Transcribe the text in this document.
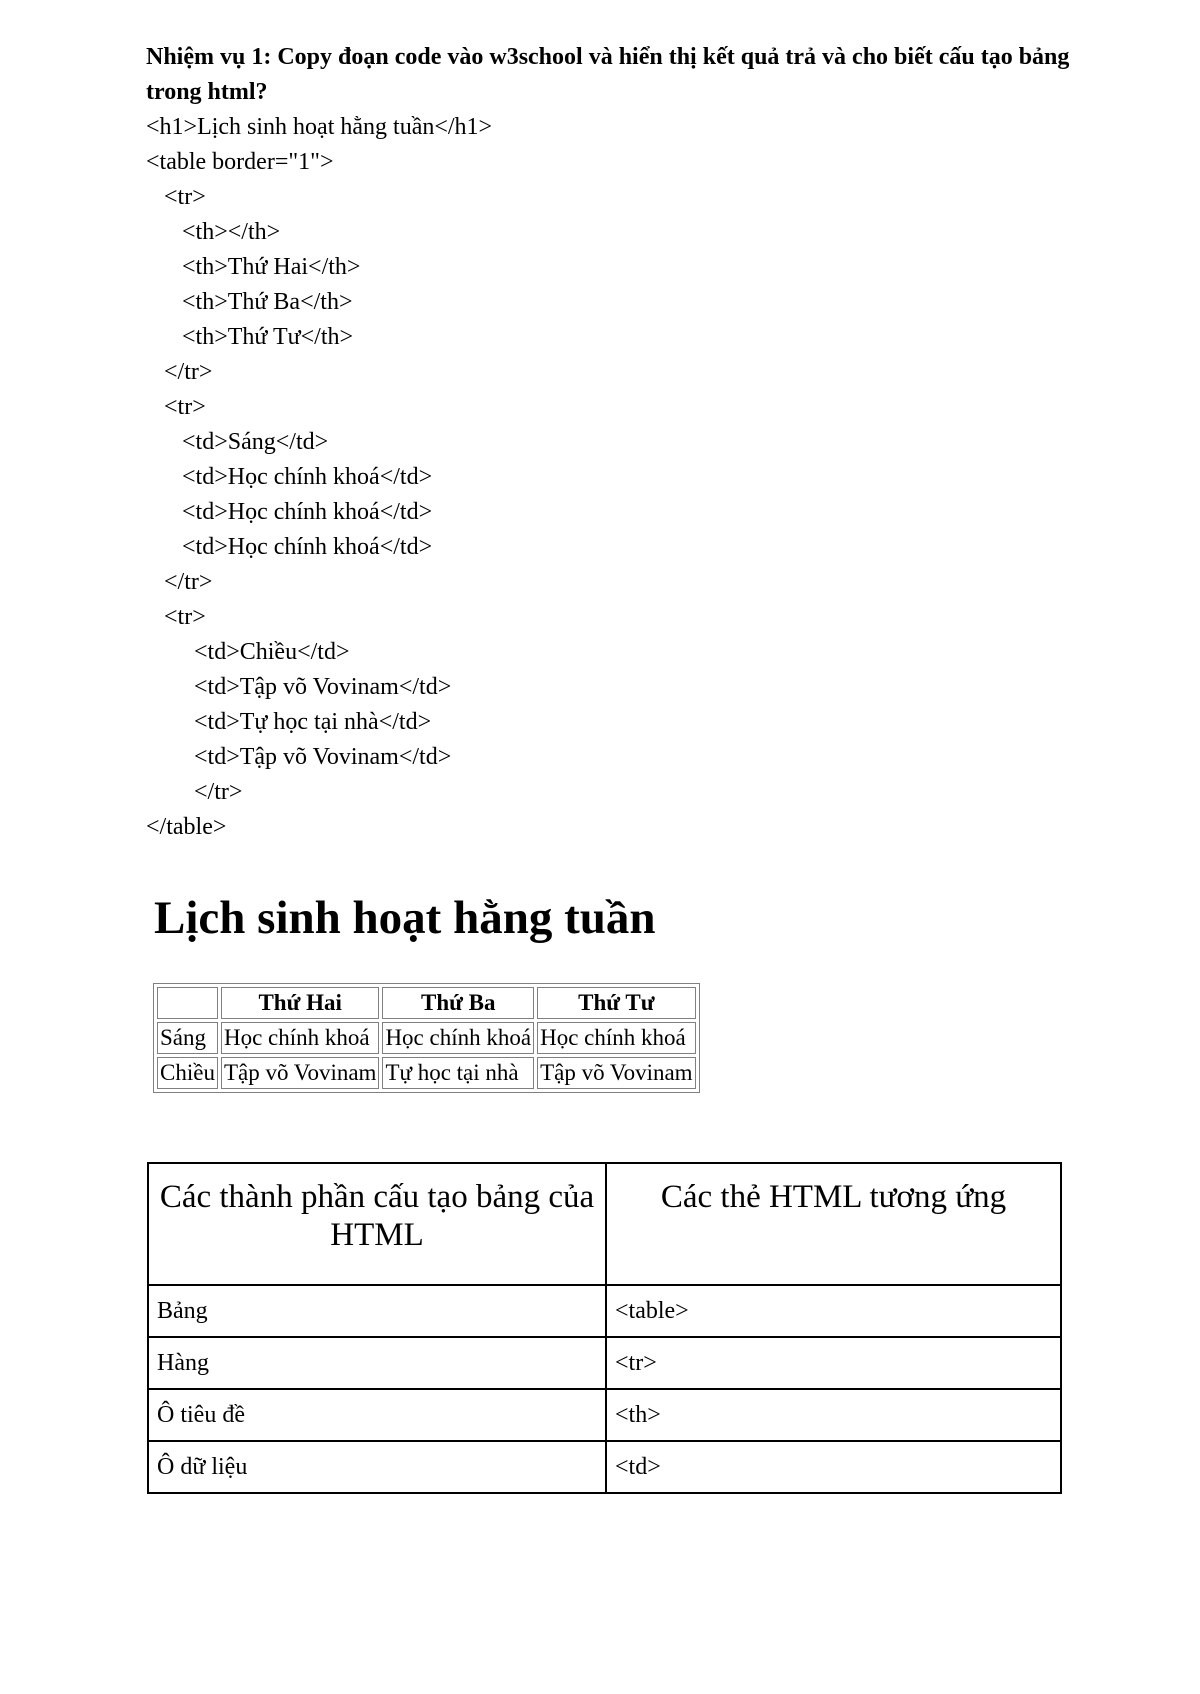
Nhiệm vụ 1: Copy đoạn code vào w3school và hiển thị kết quả trả và cho biết cấu tạo bảng trong html?

<h1>Lịch sinh hoạt hằng tuần</h1>
<table border="1">
<tr>
<th></th>
<th>Thứ Hai</th>
<th>Thứ Ba</th>
<th>Thứ Tư</th>
</tr>
<tr>
<td>Sáng</td>
<td>Học chính khoá</td>
<td>Học chính khoá</td>
<td>Học chính khoá</td>
</tr>
<tr>
<td>Chiều</td>
<td>Tập võ Vovinam</td>
<td>Tự học tại nhà</td>
<td>Tập võ Vovinam</td>
</tr>
</table>
Lịch sinh hoạt hằng tuần
	Thứ Hai	Thứ Ba	Thứ Tư
Sáng	Học chính khoá	Học chính khoá	Học chính khoá
Chiều	Tập võ Vovinam	Tự học tại nhà	Tập võ Vovinam
Các thành phần cấu tạo bảng của HTML	Các thẻ HTML tương ứng
Bảng	<table>
Hàng	<tr>
Ô tiêu đề	<th>
Ô dữ liệu	<td>
